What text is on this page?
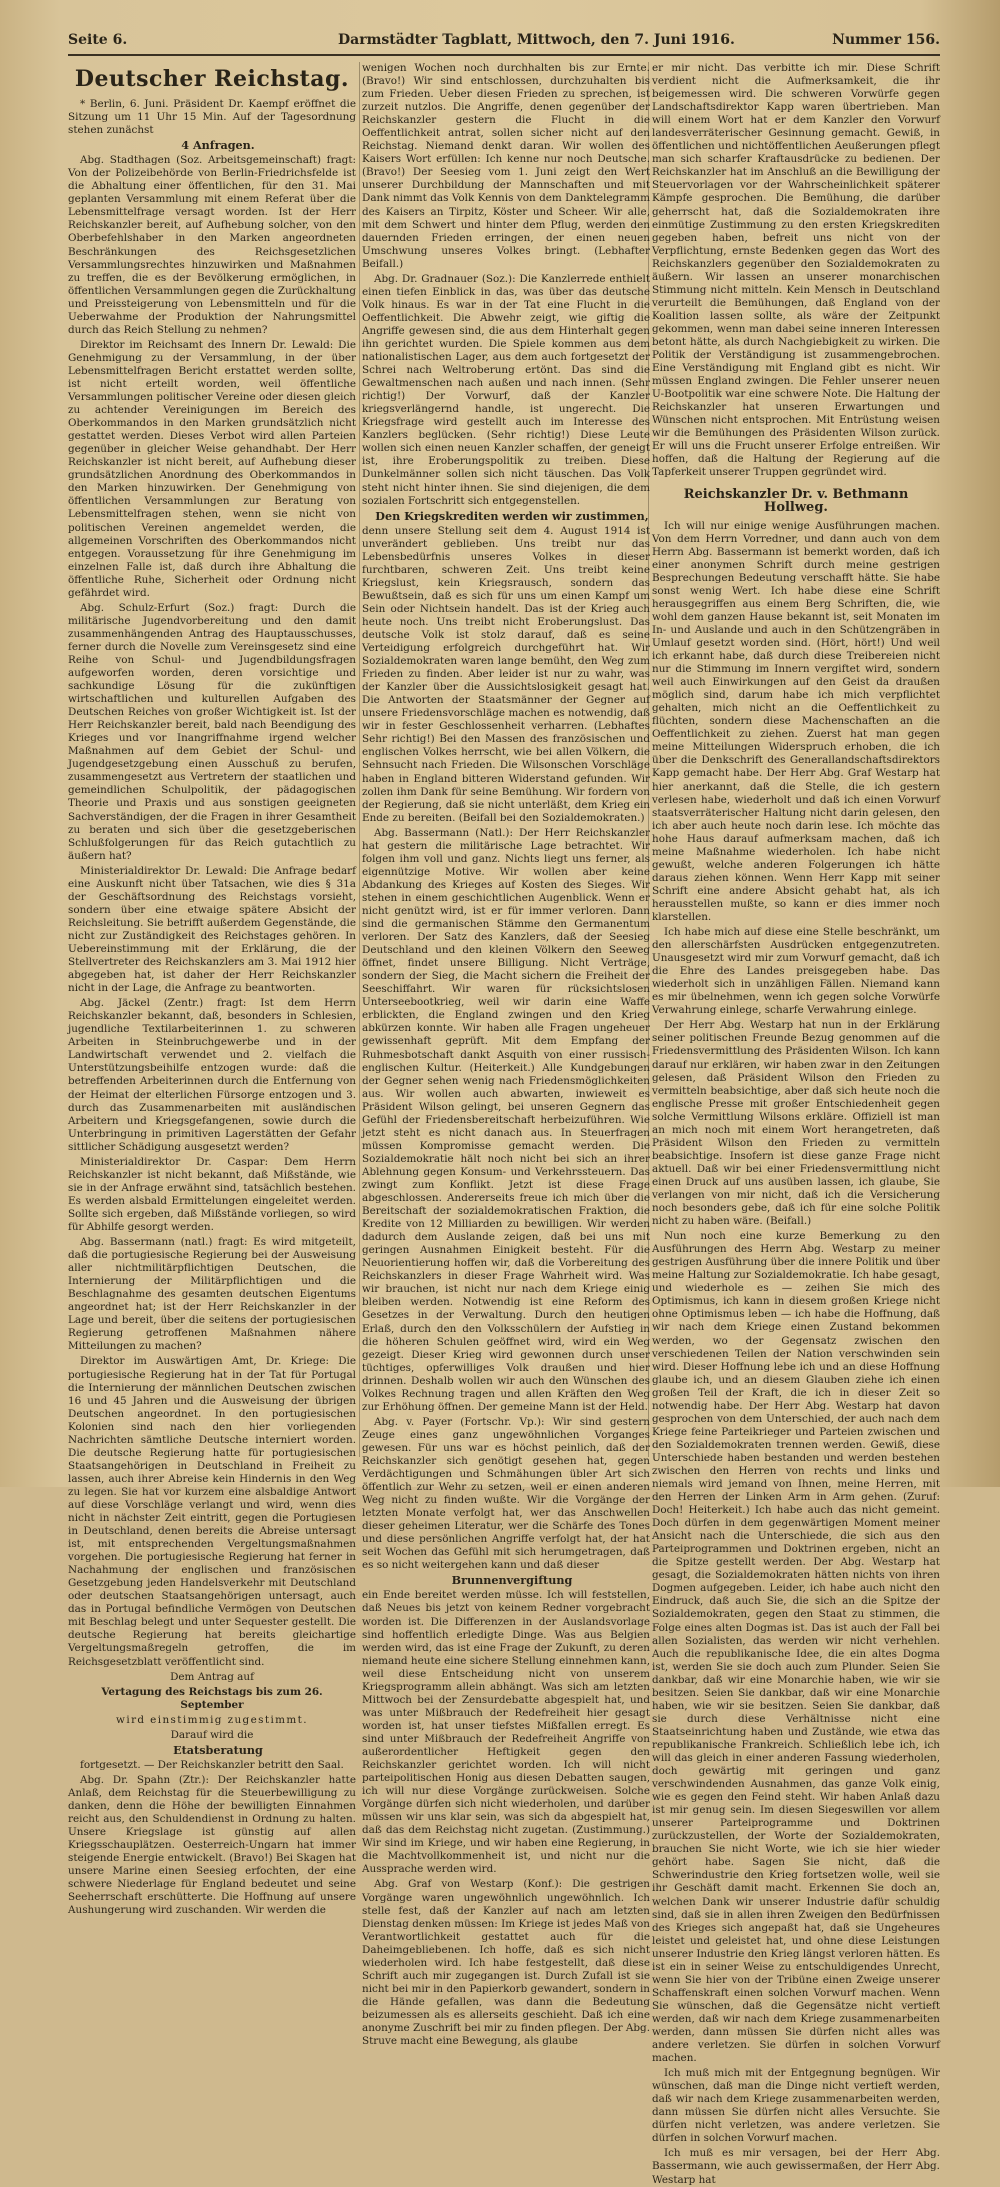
Seite 6.	Darmstädter Tagblatt, Mittwoch, den 7. Juni 1916.	Nummer 156.
Deutscher Reichstag.

* Berlin, 6. Juni. Präsident Dr. Kaempf eröffnet die Sitzung um 11 Uhr 15 Min. Auf der Tagesordnung stehen zunächst

4 Anfragen.

Abg. Stadthagen (Soz. Arbeitsgemeinschaft) fragt: Von der Polizeibehörde von Berlin-Friedrichsfelde ist die Abhaltung einer öffentlichen, für den 31. Mai geplanten Versammlung mit einem Referat über die Lebensmittelfrage versagt worden. Ist der Herr Reichskanzler bereit, auf Aufhebung solcher, von den Oberbefehlshaber in den Marken angeordneten Beschränkungen des Reichsgesetzlichen Versammlungsrechtes hinzuwirken und Maßnahmen zu treffen, die es der Bevölkerung ermöglichen, in öffentlichen Versammlungen gegen die Zurückhaltung und Preissteigerung von Lebensmitteln und für die Ueberwahme der Produktion der Nahrungsmittel durch das Reich Stellung zu nehmen?

Direktor im Reichsamt des Innern Dr. Lewald: Die Genehmigung zu der Versammlung, in der über Lebensmittelfragen Bericht erstattet werden sollte, ist nicht erteilt worden, weil öffentliche Versammlungen politischer Vereine oder diesen gleich zu achtender Vereinigungen im Bereich des Oberkommandos in den Marken grundsätzlich nicht gestattet werden. Dieses Verbot wird allen Parteien gegenüber in gleicher Weise gehandhabt. Der Herr Reichskanzler ist nicht bereit, auf Aufhebung dieser grundsätzlichen Anordnung des Oberkommandos in den Marken hinzuwirken. Der Genehmigung von öffentlichen Versammlungen zur Beratung von Lebensmittelfragen stehen, wenn sie nicht von politischen Vereinen angemeldet werden, die allgemeinen Vorschriften des Oberkommandos nicht entgegen. Voraussetzung für ihre Genehmigung im einzelnen Falle ist, daß durch ihre Abhaltung die öffentliche Ruhe, Sicherheit oder Ordnung nicht gefährdet wird.

Abg. Schulz-Erfurt (Soz.) fragt: Durch die militärische Jugendvorbereitung und den damit zusammenhängenden Antrag des Hauptausschusses, ferner durch die Novelle zum Vereinsgesetz sind eine Reihe von Schul- und Jugendbildungsfragen aufgeworfen worden, deren vorsichtige und sachkundige Lösung für die zukünftigen wirtschaftlichen und kulturellen Aufgaben des Deutschen Reiches von großer Wichtigkeit ist. Ist der Herr Reichskanzler bereit, bald nach Beendigung des Krieges und vor Inangriffnahme irgend welcher Maßnahmen auf dem Gebiet der Schul- und Jugendgesetzgebung einen Ausschuß zu berufen, zusammengesetzt aus Vertretern der staatlichen und gemeindlichen Schulpolitik, der pädagogischen Theorie und Praxis und aus sonstigen geeigneten Sachverständigen, der die Fragen in ihrer Gesamtheit zu beraten und sich über die gesetzgeberischen Schlußfolgerungen für das Reich gutachtlich zu äußern hat?

Ministerialdirektor Dr. Lewald: Die Anfrage bedarf eine Auskunft nicht über Tatsachen, wie dies § 31a der Geschäftsordnung des Reichstags vorsieht, sondern über eine etwaige spätere Absicht der Reichsleitung. Sie betrifft außerdem Gegenstände, die nicht zur Zuständigkeit des Reichstages gehören. In Uebereinstimmung mit der Erklärung, die der Stellvertreter des Reichskanzlers am 3. Mai 1912 hier abgegeben hat, ist daher der Herr Reichskanzler nicht in der Lage, die Anfrage zu beantworten.

Abg. Jäckel (Zentr.) fragt: Ist dem Herrn Reichskanzler bekannt, daß, besonders in Schlesien, jugendliche Textilarbeiterinnen 1. zu schweren Arbeiten in Steinbruchgewerbe und in der Landwirtschaft verwendet und 2. vielfach die Unterstützungsbeihilfe entzogen wurde: daß die betreffenden Arbeiterinnen durch die Entfernung von der Heimat der elterlichen Fürsorge entzogen und 3. durch das Zusammenarbeiten mit ausländischen Arbeitern und Kriegsgefangenen, sowie durch die Unterbringung in primitiven Lagerstätten der Gefahr sittlicher Schädigung ausgesetzt werden?

Ministerialdirektor Dr. Caspar: Dem Herrn Reichskanzler ist nicht bekannt, daß Mißstände, wie sie in der Anfrage erwähnt sind, tatsächlich bestehen. Es werden alsbald Ermittelungen eingeleitet werden. Sollte sich ergeben, daß Mißstände vorliegen, so wird für Abhilfe gesorgt werden.

Abg. Bassermann (natl.) fragt: Es wird mitgeteilt, daß die portugiesische Regierung bei der Ausweisung aller nichtmilitärpflichtigen Deutschen, die Internierung der Militärpflichtigen und die Beschlagnahme des gesamten deutschen Eigentums angeordnet hat; ist der Herr Reichskanzler in der Lage und bereit, über die seitens der portugiesischen Regierung getroffenen Maßnahmen nähere Mitteilungen zu machen?

Direktor im Auswärtigen Amt, Dr. Kriege: Die portugiesische Regierung hat in der Tat für Portugal die Internierung der männlichen Deutschen zwischen 16 und 45 Jahren und die Ausweisung der übrigen Deutschen angeordnet. In den portugiesischen Kolonien sind nach den hier vorliegenden Nachrichten sämtliche Deutsche interniert worden. Die deutsche Regierung hatte für portugiesischen Staatsangehörigen in Deutschland in Freiheit zu lassen, auch ihrer Abreise kein Hindernis in den Weg zu legen. Sie hat vor kurzem eine alsbaldige Antwort auf diese Vorschläge verlangt und wird, wenn dies nicht in nächster Zeit eintritt, gegen die Portugiesen in Deutschland, denen bereits die Abreise untersagt ist, mit entsprechenden Vergeltungsmaßnahmen vorgehen. Die portugiesische Regierung hat ferner in Nachahmung der englischen und französischen Gesetzgebung jeden Handelsverkehr mit Deutschland oder deutschen Staatsangehörigen untersagt, auch das in Portugal befindliche Vermögen von Deutschen mit Beschlag belegt und unter Sequester gestellt. Die deutsche Regierung hat bereits gleichartige Vergeltungsmaßregeln getroffen, die im Reichsgesetzblatt veröffentlicht sind.

Dem Antrag auf

Vertagung des Reichstags bis zum 26. September

wird einstimmig zugestimmt.

Darauf wird die

Etatsberatung

fortgesetzt. — Der Reichskanzler betritt den Saal.

Abg. Dr. Spahn (Ztr.): Der Reichskanzler hatte Anlaß, dem Reichstag für die Steuerbewilligung zu danken, denn die Höhe der bewilligten Einnahmen reicht aus, den Schuldendienst in Ordnung zu halten. Unsere Kriegslage ist günstig auf allen Kriegsschauplätzen. Oesterreich-Ungarn hat immer steigende Energie entwickelt. (Bravo!) Bei Skagen hat unsere Marine einen Seesieg erfochten, der eine schwere Niederlage für England bedeutet und seine Seeherrschaft erschütterte. Die Hoffnung auf unsere Aushungerung wird zuschanden. Wir werden die

wenigen Wochen noch durchhalten bis zur Ernte. (Bravo!) Wir sind entschlossen, durchzuhalten bis zum Frieden. Ueber diesen Frieden zu sprechen, ist zurzeit nutzlos. Die Angriffe, denen gegenüber der Reichskanzler gestern die Flucht in die Oeffentlichkeit antrat, sollen sicher nicht auf den Reichstag. Niemand denkt daran. Wir wollen des Kaisers Wort erfüllen: Ich kenne nur noch Deutsche. (Bravo!) Der Seesieg vom 1. Juni zeigt den Wert unserer Durchbildung der Mannschaften und mit Dank nimmt das Volk Kennis von dem Danktelegramm des Kaisers an Tirpitz, Köster und Scheer. Wir alle, mit dem Schwert und hinter dem Pflug, werden den dauernden Frieden erringen, der einen neuen Umschwung unseres Volkes bringt. (Lebhafter Beifall.)

Abg. Dr. Gradnauer (Soz.): Die Kanzlerrede enthielt einen tiefen Einblick in das, was über das deutsche Volk hinaus. Es war in der Tat eine Flucht in die Oeffentlichkeit. Die Abwehr zeigt, wie giftig die Angriffe gewesen sind, die aus dem Hinterhalt gegen ihn gerichtet wurden. Die Spiele kommen aus dem nationalistischen Lager, aus dem auch fortgesetzt der Schrei nach Weltroberung ertönt. Das sind die Gewaltmenschen nach außen und nach innen. (Sehr richtig!) Der Vorwurf, daß der Kanzler kriegsverlängernd handle, ist ungerecht. Die Kriegsfrage wird gestellt auch im Interesse des Kanzlers beglücken. (Sehr richtig!) Diese Leute wollen sich einen neuen Kanzler schaffen, der geneigt ist, ihre Eroberungspolitik zu treiben. Diese Dunkelmänner sollen sich nicht täuschen. Das Volk steht nicht hinter ihnen. Sie sind diejenigen, die dem sozialen Fortschritt sich entgegenstellen.

Den Kriegskrediten werden wir zustimmen,

denn unsere Stellung seit dem 4. August 1914 ist unverändert geblieben. Uns treibt nur das Lebensbedürfnis unseres Volkes in dieser furchtbaren, schweren Zeit. Uns treibt keine Kriegslust, kein Kriegsrausch, sondern das Bewußtsein, daß es sich für uns um einen Kampf um Sein oder Nichtsein handelt. Das ist der Krieg auch heute noch. Uns treibt nicht Eroberungslust. Das deutsche Volk ist stolz darauf, daß es seine Verteidigung erfolgreich durchgeführt hat. Wir Sozialdemokraten waren lange bemüht, den Weg zum Frieden zu finden. Aber leider ist nur zu wahr, was der Kanzler über die Aussichtslosigkeit gesagt hat. Die Antworten der Staatsmänner der Gegner auf unsere Friedensvorschläge machen es notwendig, daß wir in fester Geschlossenheit verharren. (Lebhaftes Sehr richtig!) Bei den Massen des französischen und englischen Volkes herrscht, wie bei allen Völkern, die Sehnsucht nach Frieden. Die Wilsonschen Vorschläge haben in England bitteren Widerstand gefunden. Wir zollen ihm Dank für seine Bemühung. Wir fordern von der Regierung, daß sie nicht unterläßt, dem Krieg ein Ende zu bereiten. (Beifall bei den Sozialdemokraten.)

Abg. Bassermann (Natl.): Der Herr Reichskanzler hat gestern die militärische Lage betrachtet. Wir folgen ihm voll und ganz. Nichts liegt uns ferner, als eigennützige Motive. Wir wollen aber keine Abdankung des Krieges auf Kosten des Sieges. Wir stehen in einem geschichtlichen Augenblick. Wenn er nicht genützt wird, ist er für immer verloren. Dann sind die germanischen Stämme den Germanentum verloren. Der Satz des Kanzlers, daß der Seesieg Deutschland und den kleinen Völkern den Seeweg öffnet, findet unsere Billigung. Nicht Verträge, sondern der Sieg, die Macht sichern die Freiheit der Seeschiffahrt. Wir waren für rücksichtslosen Unterseebootkrieg, weil wir darin eine Waffe erblickten, die England zwingen und den Krieg abkürzen konnte. Wir haben alle Fragen ungeheuer gewissenhaft geprüft. Mit dem Empfang der Ruhmesbotschaft dankt Asquith von einer russisch-englischen Kultur. (Heiterkeit.) Alle Kundgebungen der Gegner sehen wenig nach Friedensmöglichkeiten aus. Wir wollen auch abwarten, inwieweit es Präsident Wilson gelingt, bei unseren Gegnern das Gefühl der Friedensbereitschaft herbeizuführen. Wie jetzt steht es nicht danach aus. In Steuerfragen müssen Kompromisse gemacht werden. Die Sozialdemokratie hält noch nicht bei sich an ihrer Ablehnung gegen Konsum- und Verkehrssteuern. Das zwingt zum Konflikt. Jetzt ist diese Frage abgeschlossen. Andererseits freue ich mich über die Bereitschaft der sozialdemokratischen Fraktion, die Kredite von 12 Milliarden zu bewilligen. Wir werden dadurch dem Auslande zeigen, daß bei uns mit geringen Ausnahmen Einigkeit besteht. Für die Neuorientierung hoffen wir, daß die Vorbereitung des Reichskanzlers in dieser Frage Wahrheit wird. Was wir brauchen, ist nicht nur nach dem Kriege einig bleiben werden. Notwendig ist eine Reform des Gesetzes in der Verwaltung. Durch den heutigen Erlaß, durch den den Volksschülern der Aufstieg in die höheren Schulen geöffnet wird, wird ein Weg gezeigt. Dieser Krieg wird gewonnen durch unser tüchtiges, opferwilliges Volk draußen und hier drinnen. Deshalb wollen wir auch den Wünschen des Volkes Rechnung tragen und allen Kräften den Weg zur Erhöhung öffnen. Der gemeine Mann ist der Held.

Abg. v. Payer (Fortschr. Vp.): Wir sind gestern Zeuge eines ganz ungewöhnlichen Vorganges gewesen. Für uns war es höchst peinlich, daß der Reichskanzler sich genötigt gesehen hat, gegen Verdächtigungen und Schmähungen übler Art sich öffentlich zur Wehr zu setzen, weil er einen anderen Weg nicht zu finden wußte. Wir die Vorgänge der letzten Monate verfolgt hat, wer das Anschwellen dieser geheimen Literatur, wer die Schärfe des Tones und diese persönlichen Angriffe verfolgt hat, der hat seit Wochen das Gefühl mit sich herumgetragen, daß es so nicht weitergehen kann und daß dieser

Brunnenvergiftung

ein Ende bereitet werden müsse. Ich will feststellen, daß Neues bis jetzt von keinem Redner vorgebracht worden ist. Die Differenzen in der Auslandsvorlage sind hoffentlich erledigte Dinge. Was aus Belgien werden wird, das ist eine Frage der Zukunft, zu deren niemand heute eine sichere Stellung einnehmen kann, weil diese Entscheidung nicht von unserem Kriegsprogramm allein abhängt. Was sich am letzten Mittwoch bei der Zensurdebatte abgespielt hat, und was unter Mißbrauch der Redefreiheit hier gesagt worden ist, hat unser tiefstes Mißfallen erregt. Es sind unter Mißbrauch der Redefreiheit Angriffe von außerordentlicher Heftigkeit gegen den Reichskanzler gerichtet worden. Ich will nicht parteipolitischen Honig aus diesen Debatten saugen, ich will nur diese Vorgänge zurückweisen. Solche Vorgänge dürfen sich nicht wiederholen, und darüber müssen wir uns klar sein, was sich da abgespielt hat, daß das dem Reichstag nicht zugetan. (Zustimmung.) Wir sind im Kriege, und wir haben eine Regierung, in die Machtvollkommenheit ist, und nicht nur die Aussprache werden wird.

Abg. Graf von Westarp (Konf.): Die gestrigen Vorgänge waren ungewöhnlich ungewöhnlich. Ich stelle fest, daß der Kanzler auf nach am letzten Dienstag denken müssen: Im Kriege ist jedes Maß von Verantwortlichkeit gestattet auch für die Daheimgebliebenen. Ich hoffe, daß es sich nicht wiederholen wird. Ich habe festgestellt, daß diese Schrift auch mir zugegangen ist. Durch Zufall ist sie nicht bei mir in den Papierkorb gewandert, sondern in die Hände gefallen, was dann die Bedeutung beizumessen als es allerseits geschieht. Daß ich eine anonyme Zuschrift bei mir zu finden pflegen. Der Abg. Struve macht eine Bewegung, als glaube

er mir nicht. Das verbitte ich mir. Diese Schrift verdient nicht die Aufmerksamkeit, die ihr beigemessen wird. Die schweren Vorwürfe gegen Landschaftsdirektor Kapp waren übertrieben. Man will einem Wort hat er dem Kanzler den Vorwurf landesverräterischer Gesinnung gemacht. Gewiß, in öffentlichen und nichtöffentlichen Aeußerungen pflegt man sich scharfer Kraftausdrücke zu bedienen. Der Reichskanzler hat im Anschluß an die Bewilligung der Steuervorlagen vor der Wahrscheinlichkeit späterer Kämpfe gesprochen. Die Bemühung, die darüber geherrscht hat, daß die Sozialdemokraten ihre einmütige Zustimmung zu den ersten Kriegskrediten gegeben haben, befreit uns nicht von der Verpflichtung, ernste Bedenken gegen das Wort des Reichskanzlers gegenüber den Sozialdemokraten zu äußern. Wir lassen an unserer monarchischen Stimmung nicht mitteln. Kein Mensch in Deutschland verurteilt die Bemühungen, daß England von der Koalition lassen sollte, als wäre der Zeitpunkt gekommen, wenn man dabei seine inneren Interessen betont hätte, als durch Nachgiebigkeit zu wirken. Die Politik der Verständigung ist zusammengebrochen. Eine Verständigung mit England gibt es nicht. Wir müssen England zwingen. Die Fehler unserer neuen U-Bootpolitik war eine schwere Note. Die Haltung der Reichskanzler hat unseren Erwartungen und Wünschen nicht entsprochen. Mit Entrüstung weisen wir die Bemühungen des Präsidenten Wilson zurück. Er will uns die Frucht unserer Erfolge entreißen. Wir hoffen, daß die Haltung der Regierung auf die Tapferkeit unserer Truppen gegründet wird.

Reichskanzler Dr. v. Bethmann Hollweg.

Ich will nur einige wenige Ausführungen machen. Von dem Herrn Vorredner, und dann auch von dem Herrn Abg. Bassermann ist bemerkt worden, daß ich einer anonymen Schrift durch meine gestrigen Besprechungen Bedeutung verschafft hätte. Sie habe sonst wenig Wert. Ich habe diese eine Schrift herausgegriffen aus einem Berg Schriften, die, wie wohl dem ganzen Hause bekannt ist, seit Monaten im In- und Auslande und auch in den Schützengräben in Umlauf gesetzt worden sind. (Hört, hört!) Und weil ich erkannt habe, daß durch diese Treibereien nicht nur die Stimmung im Innern vergiftet wird, sondern weil auch Einwirkungen auf den Geist da draußen möglich sind, darum habe ich mich verpflichtet gehalten, mich nicht an die Oeffentlichkeit zu flüchten, sondern diese Machenschaften an die Oeffentlichkeit zu ziehen. Zuerst hat man gegen meine Mitteilungen Widerspruch erhoben, die ich über die Denkschrift des Generallandschaftsdirektors Kapp gemacht habe. Der Herr Abg. Graf Westarp hat hier anerkannt, daß die Stelle, die ich gestern verlesen habe, wiederholt und daß ich einen Vorwurf staatsverräterischer Haltung nicht darin gelesen, den ich aber auch heute noch darin lese. Ich möchte das hohe Haus darauf aufmerksam machen, daß ich meine Maßnahme wiederholen. Ich habe nicht gewußt, welche anderen Folgerungen ich hätte daraus ziehen können. Wenn Herr Kapp mit seiner Schrift eine andere Absicht gehabt hat, als ich herausstellen mußte, so kann er dies immer noch klarstellen.

Ich habe mich auf diese eine Stelle beschränkt, um den allerschärfsten Ausdrücken entgegenzutreten. Unausgesetzt wird mir zum Vorwurf gemacht, daß ich die Ehre des Landes preisgegeben habe. Das wiederholt sich in unzähligen Fällen. Niemand kann es mir übelnehmen, wenn ich gegen solche Vorwürfe Verwahrung einlege, scharfe Verwahrung einlege.

Der Herr Abg. Westarp hat nun in der Erklärung seiner politischen Freunde Bezug genommen auf die Friedensvermittlung des Präsidenten Wilson. Ich kann darauf nur erklären, wir haben zwar in den Zeitungen gelesen, daß Präsident Wilson den Frieden zu vermitteln beabsichtige, aber daß sich heute noch die englische Presse mit großer Entschiedenheit gegen solche Vermittlung Wilsons erkläre. Offiziell ist man an mich noch mit einem Wort herangetreten, daß Präsident Wilson den Frieden zu vermitteln beabsichtige. Insofern ist diese ganze Frage nicht aktuell. Daß wir bei einer Friedensvermittlung nicht einen Druck auf uns ausüben lassen, ich glaube, Sie verlangen von mir nicht, daß ich die Versicherung noch besonders gebe, daß ich für eine solche Politik nicht zu haben wäre. (Beifall.)

Nun noch eine kurze Bemerkung zu den Ausführungen des Herrn Abg. Westarp zu meiner gestrigen Ausführung über die innere Politik und über meine Haltung zur Sozialdemokratie. Ich habe gesagt, und wiederhole es — zeihen Sie mich des Optimismus, ich kann in diesem großen Kriege nicht ohne Optimismus leben — ich habe die Hoffnung, daß wir nach dem Kriege einen Zustand bekommen werden, wo der Gegensatz zwischen den verschiedenen Teilen der Nation verschwinden sein wird. Dieser Hoffnung lebe ich und an diese Hoffnung glaube ich, und an diesem Glauben ziehe ich einen großen Teil der Kraft, die ich in dieser Zeit so notwendig habe. Der Herr Abg. Westarp hat davon gesprochen von dem Unterschied, der auch nach dem Kriege feine Parteikrieger und Parteien zwischen und den Sozialdemokraten trennen werden. Gewiß, diese Unterschiede haben bestanden und werden bestehen zwischen den Herren von rechts und links und niemals wird jemand von Ihnen, meine Herren, mit den Herren der Linken Arm in Arm gehen. (Zuruf: Doch! Heiterkeit.) Ich habe auch das nicht gemeint. Doch dürfen in dem gegenwärtigen Moment meiner Ansicht nach die Unterschiede, die sich aus den Parteiprogrammen und Doktrinen ergeben, nicht an die Spitze gestellt werden. Der Abg. Westarp hat gesagt, die Sozialdemokraten hätten nichts von ihren Dogmen aufgegeben. Leider, ich habe auch nicht den Eindruck, daß auch Sie, die sich an die Spitze der Sozialdemokraten, gegen den Staat zu stimmen, die Folge eines alten Dogmas ist. Das ist auch der Fall bei allen Sozialisten, das werden wir nicht verhehlen. Auch die republikanische Idee, die ein altes Dogma ist, werden Sie sie doch auch zum Plunder. Seien Sie dankbar, daß wir eine Monarchie haben, wie wir sie besitzen. Seien Sie dankbar, daß wir eine Monarchie haben, wie wir sie besitzen. Seien Sie dankbar, daß sie durch diese Verhältnisse nicht eine Staatseinrichtung haben und Zustände, wie etwa das republikanische Frankreich. Schließlich lebe ich, ich will das gleich in einer anderen Fassung wiederholen, doch gewärtig mit geringen und ganz verschwindenden Ausnahmen, das ganze Volk einig, wie es gegen den Feind steht. Wir haben Anlaß dazu ist mir genug sein. Im diesen Siegeswillen vor allem unserer Parteiprogramme und Doktrinen zurückzustellen, der Worte der Sozialdemokraten, brauchen Sie nicht Worte, wie ich sie hier wieder gehört habe. Sagen Sie nicht, daß die Schwerindustrie den Krieg fortsetzen wolle, weil sie ihr Geschäft damit macht. Erkennen Sie doch an, welchen Dank wir unserer Industrie dafür schuldig sind, daß sie in allen ihren Zweigen den Bedürfnissen des Krieges sich angepaßt hat, daß sie Ungeheures leistet und geleistet hat, und ohne diese Leistungen unserer Industrie den Krieg längst verloren hätten. Es ist ein in seiner Weise zu entschuldigendes Unrecht, wenn Sie hier von der Tribüne einen Zweige unserer Schaffenskraft einen solchen Vorwurf machen. Wenn Sie wünschen, daß die Gegensätze nicht vertieft werden, daß wir nach dem Kriege zusammenarbeiten werden, dann müssen Sie dürfen nicht alles was andere verletzen. Sie dürfen in solchen Vorwurf machen.

Ich muß mich mit der Entgegnung begnügen. Wir wünschen, daß man die Dinge nicht vertieft werden, daß wir nach dem Kriege zusammenarbeiten werden, dann müssen Sie dürfen nicht alles Versuchte. Sie dürfen nicht verletzen, was andere verletzen. Sie dürfen in solchen Vorwurf machen.

Ich muß es mir versagen, bei der Herr Abg. Bassermann, wie auch gewissermaßen, der Herr Abg. Westarp hat
